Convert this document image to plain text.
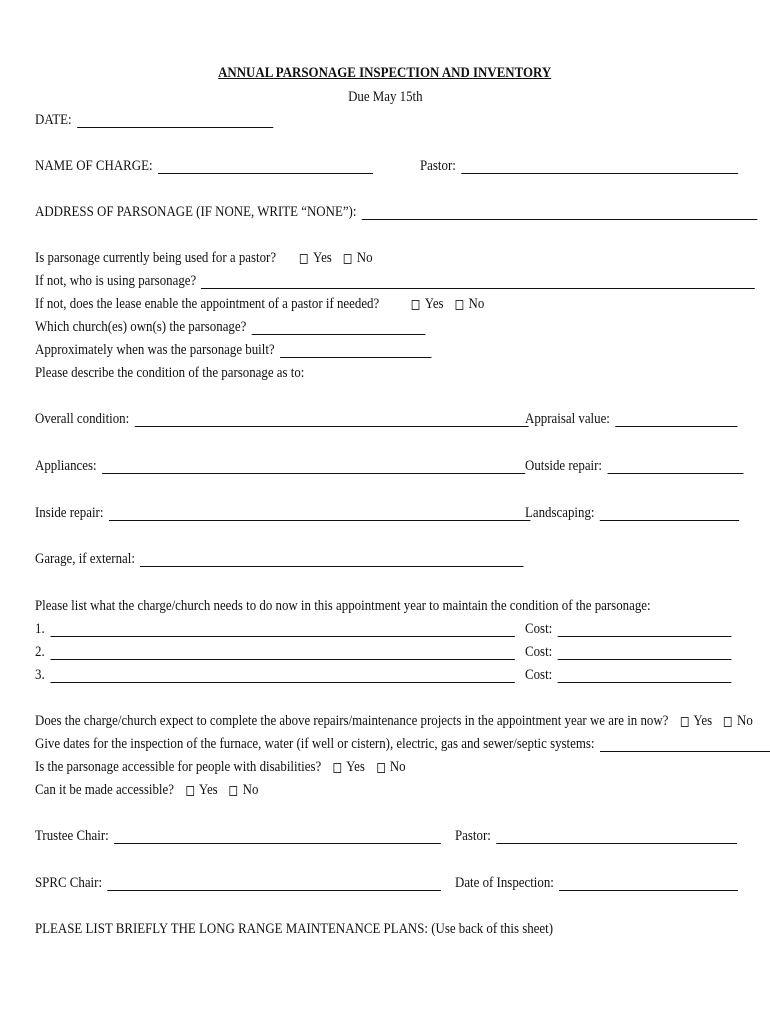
ANNUAL PARSONAGE INSPECTION AND INVENTORY
Due May 15th
DATE:
NAME OF CHARGE:	Pastor:
ADDRESS OF PARSONAGE (IF NONE, WRITE “NONE”):
Is parsonage currently being used for a pastor? Yes No
If not, who is using parsonage?
If not, does the lease enable the appointment of a pastor if needed?	Yes No
Which church(es) own(s) the parsonage?
Approximately when was the parsonage built?
Please describe the condition of the parsonage as to:
Overall condition:	Appraisal value:
Appliances:	Outside repair:
Inside repair:	Landscaping:
Garage, if external:
Please list what the charge/church needs to do now in this appointment year to maintain the condition of the parsonage:
1.	Cost:
2.	Cost:
3.	Cost:
Does the charge/church expect to complete the above repairs/maintenance projects in the appointment year we are in now? Yes No
Give dates for the inspection of the furnace, water (if well or cistern), electric, gas and sewer/septic systems:
Is the parsonage accessible for people with disabilities? Yes No
Can it be made accessible? Yes No
Trustee Chair:	Pastor:
SPRC Chair:	Date of Inspection:
PLEASE LIST BRIEFLY THE LONG RANGE MAINTENANCE PLANS: (Use back of this sheet)
